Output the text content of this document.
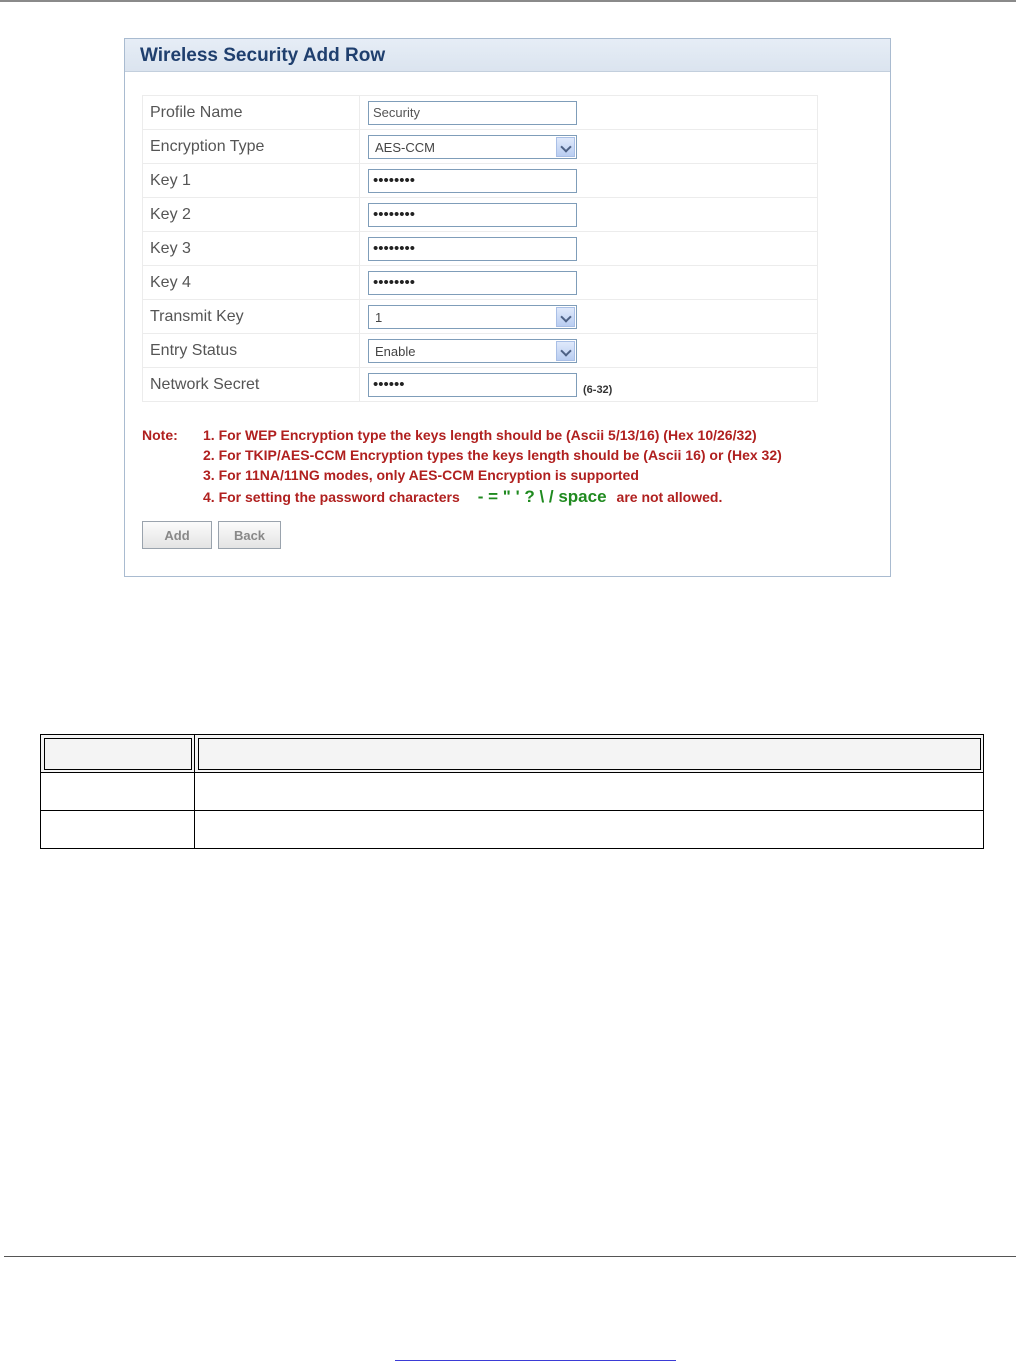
Wireless Security Add Row
Profile Name	Security
Encryption Type	AES-CCM

Key 1	••••••••
Key 2	••••••••
Key 3	••••••••
Key 4	••••••••
Transmit Key	1

Entry Status	Enable

Network Secret	$••••••_{(6-32)}$
Note: 1. For WEP Encryption type the keys length should be (Ascii 5/13/16) (Hex 10/26/32)
2. For TKIP/AES-CCM Encryption types the keys length should be (Ascii 16) or (Hex 32)
3. For 11NA/11NG modes, only AES-CCM Encryption is supported
4. For setting the password characters - = " ' ? \ / space are not allowed.
Add	Back
